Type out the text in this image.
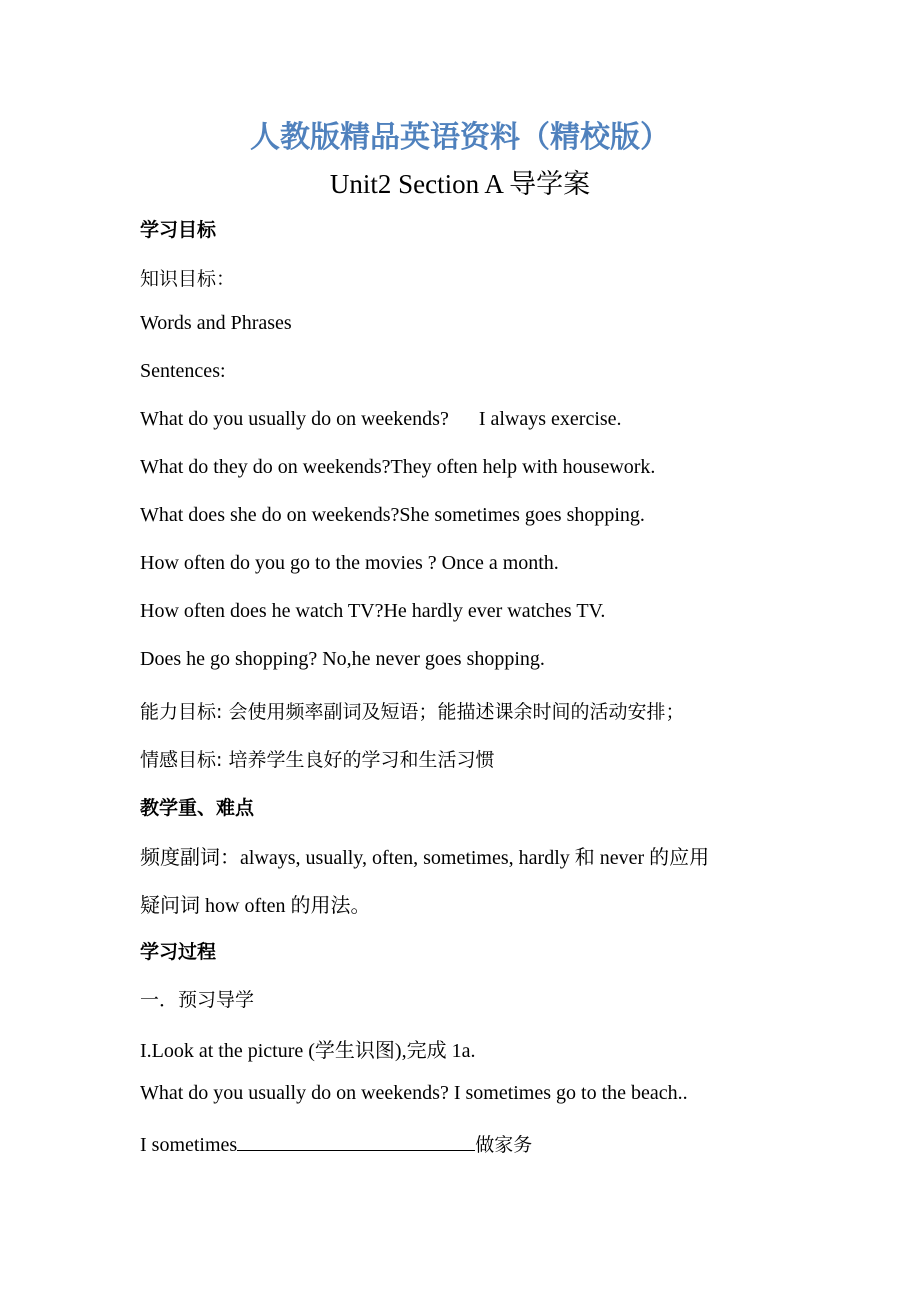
人教版精品英语资料（精校版）
Unit2 Section A 导学案
学习目标
知识目标：
Words and Phrases
Sentences:
What do you usually do on weekends? I always exercise.
What do they do on weekends?They often help with housework.
What does she do on weekends?She sometimes goes shopping.
How often do you go to the movies ? Once a month.
How often does he watch TV?He hardly ever watches TV.
Does he go shopping? No,he never goes shopping.
能力目标: 会使用频率副词及短语；能描述课余时间的活动安排；
情感目标: 培养学生良好的学习和生活习惯
教学重、难点
频度副词：always, usually, often, sometimes, hardly 和 never 的应用
疑问词 how often 的用法。
学习过程
一．预习导学
I.Look at the picture (学生识图),完成 1a.
What do you usually do on weekends? I sometimes go to the beach..
I sometimes	做家务
